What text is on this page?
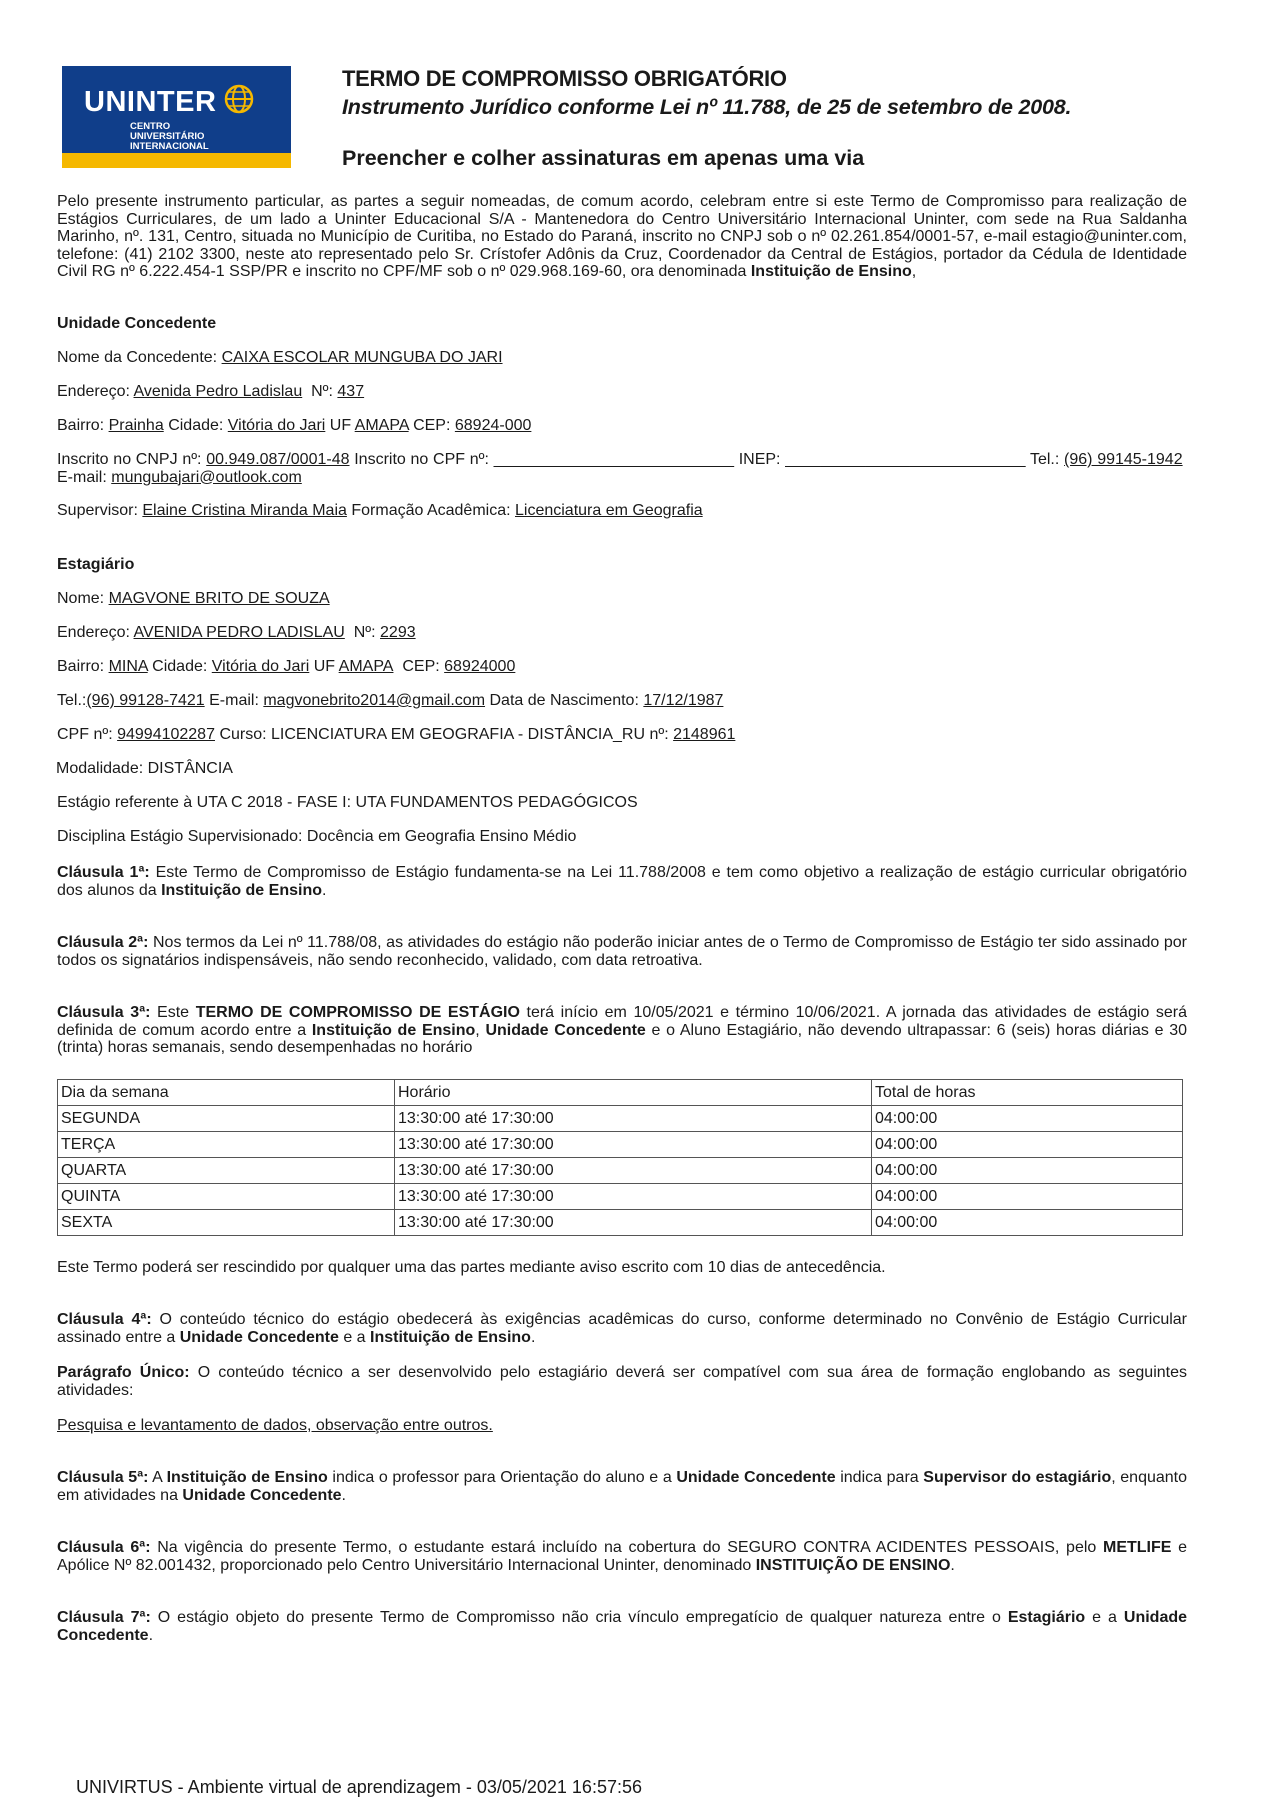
UNINTER
CENTRO
UNIVERSITÁRIO
INTERNACIONAL
TERMO DE COMPROMISSO OBRIGATÓRIO
Instrumento Jurídico conforme Lei nº 11.788, de 25 de setembro de 2008.
Preencher e colher assinaturas em apenas uma via
Pelo presente instrumento particular, as partes a seguir nomeadas, de comum acordo, celebram entre si este Termo de Compromisso para realização de Estágios Curriculares, de um lado a Uninter Educacional S/A - Mantenedora do Centro Universitário Internacional Uninter, com sede na Rua Saldanha Marinho, nº. 131, Centro, situada no Município de Curitiba, no Estado do Paraná, inscrito no CNPJ sob o nº 02.261.854/0001-57, e-mail estagio@uninter.com, telefone: (41) 2102 3300, neste ato representado pelo Sr. Crístofer Adônis da Cruz, Coordenador da Central de Estágios, portador da Cédula de Identidade Civil RG nº 6.222.454-1 SSP/PR e inscrito no CPF/MF sob o nº 029.968.169-60, ora denominada Instituição de Ensino,
Unidade Concedente
Nome da Concedente: CAIXA ESCOLAR MUNGUBA DO JARI
Endereço: Avenida Pedro Ladislau Nº: 437
Bairro: Prainha Cidade: Vitória do Jari UF AMAPA CEP: 68924-000
Inscrito no CNPJ nº: 00.949.087/0001-48 Inscrito no CPF nº: ___________________________ INEP: ___________________________ Tel.: (96) 99145-1942  E-mail: mungubajari@outlook.com
Supervisor: Elaine Cristina Miranda Maia Formação Acadêmica: Licenciatura em Geografia
Estagiário
Nome: MAGVONE BRITO DE SOUZA
Endereço: AVENIDA PEDRO LADISLAU Nº: 2293
Bairro: MINA Cidade: Vitória do Jari UF AMAPA CEP: 68924000
Tel.:(96) 99128-7421 E-mail: magvonebrito2014@gmail.com Data de Nascimento: 17/12/1987
CPF nº: 94994102287 Curso: LICENCIATURA EM GEOGRAFIA - DISTÂNCIA_RU nº: 2148961
Modalidade: DISTÂNCIA
Estágio referente à UTA C 2018 - FASE I: UTA FUNDAMENTOS PEDAGÓGICOS
Disciplina Estágio Supervisionado: Docência em Geografia Ensino Médio
Cláusula 1ª: Este Termo de Compromisso de Estágio fundamenta-se na Lei 11.788/2008 e tem como objetivo a realização de estágio curricular obrigatório dos alunos da Instituição de Ensino.
Cláusula 2ª: Nos termos da Lei nº 11.788/08, as atividades do estágio não poderão iniciar antes de o Termo de Compromisso de Estágio ter sido assinado por todos os signatários indispensáveis, não sendo reconhecido, validado, com data retroativa.
Cláusula 3ª: Este TERMO DE COMPROMISSO DE ESTÁGIO terá início em 10/05/2021 e término 10/06/2021. A jornada das atividades de estágio será definida de comum acordo entre a Instituição de Ensino, Unidade Concedente e o Aluno Estagiário, não devendo ultrapassar: 6 (seis) horas diárias e 30 (trinta) horas semanais, sendo desempenhadas no horário
Dia da semana	Horário	Total de horas
SEGUNDA	13:30:00 até 17:30:00	04:00:00
TERÇA	13:30:00 até 17:30:00	04:00:00
QUARTA	13:30:00 até 17:30:00	04:00:00
QUINTA	13:30:00 até 17:30:00	04:00:00
SEXTA	13:30:00 até 17:30:00	04:00:00
Este Termo poderá ser rescindido por qualquer uma das partes mediante aviso escrito com 10 dias de antecedência.
Cláusula 4ª: O conteúdo técnico do estágio obedecerá às exigências acadêmicas do curso, conforme determinado no Convênio de Estágio Curricular assinado entre a Unidade Concedente e a Instituição de Ensino.
Parágrafo Único: O conteúdo técnico a ser desenvolvido pelo estagiário deverá ser compatível com sua área de formação englobando as seguintes atividades:
Pesquisa e levantamento de dados, observação entre outros.
Cláusula 5ª: A Instituição de Ensino indica o professor para Orientação do aluno e a Unidade Concedente indica para Supervisor do estagiário, enquanto em atividades na Unidade Concedente.
Cláusula 6ª: Na vigência do presente Termo, o estudante estará incluído na cobertura do SEGURO CONTRA ACIDENTES PESSOAIS, pelo METLIFE e Apólice Nº 82.001432, proporcionado pelo Centro Universitário Internacional Uninter, denominado INSTITUIÇÃO DE ENSINO.
Cláusula 7ª: O estágio objeto do presente Termo de Compromisso não cria vínculo empregatício de qualquer natureza entre o Estagiário e a Unidade Concedente.
UNIVIRTUS - Ambiente virtual de aprendizagem - 03/05/2021 16:57:56
